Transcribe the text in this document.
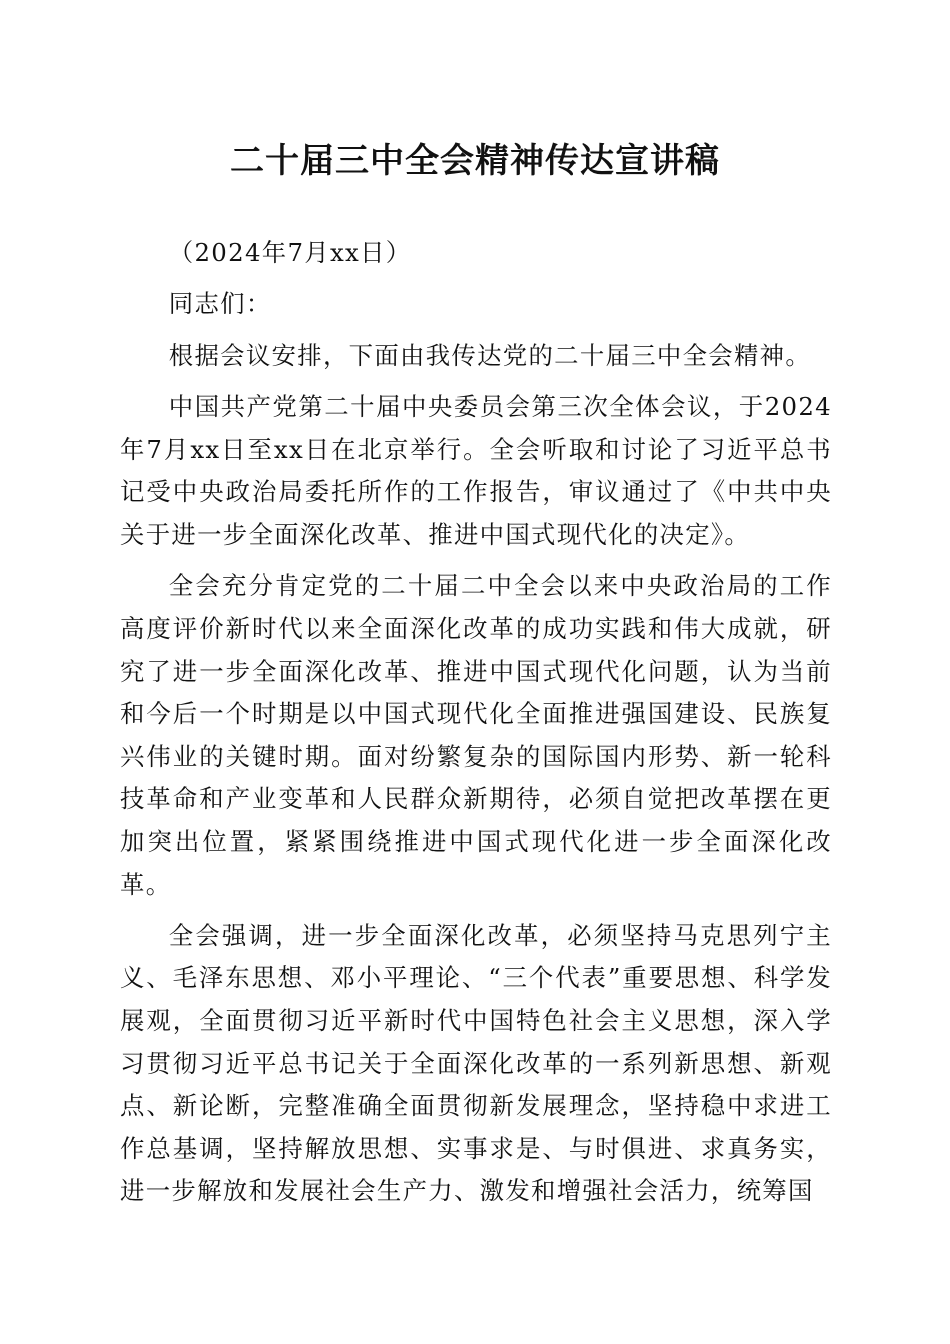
二十届三中全会精神传达宣讲稿

（2024年7月xx日）

同志们：

根据会议安排，下面由我传达党的二十届三中全会精神。

中国共产党第二十届中央委员会第三次全体会议，于2024年7月xx日至xx日在北京举行。全会听取和讨论了习近平总书记受中央政治局委托所作的工作报告，审议通过了《中共中央关于进一步全面深化改革、推进中国式现代化的决定》。

全会充分肯定党的二十届二中全会以来中央政治局的工作高度评价新时代以来全面深化改革的成功实践和伟大成就，研究了进一步全面深化改革、推进中国式现代化问题，认为当前和今后一个时期是以中国式现代化全面推进强国建设、民族复兴伟业的关键时期。面对纷繁复杂的国际国内形势、新一轮科技革命和产业变革和人民群众新期待，必须自觉把改革摆在更加突出位置，紧紧围绕推进中国式现代化进一步全面深化改革。

全会强调，进一步全面深化改革，必须坚持马克思列宁主义、毛泽东思想、邓小平理论、“三个代表”重要思想、科学发展观，全面贯彻习近平新时代中国特色社会主义思想，深入学习贯彻习近平总书记关于全面深化改革的一系列新思想、新观点、新论断，完整准确全面贯彻新发展理念，坚持稳中求进工作总基调，坚持解放思想、实事求是、与时俱进、求真务实，进一步解放和发展社会生产力、激发和增强社会活力，统筹国
